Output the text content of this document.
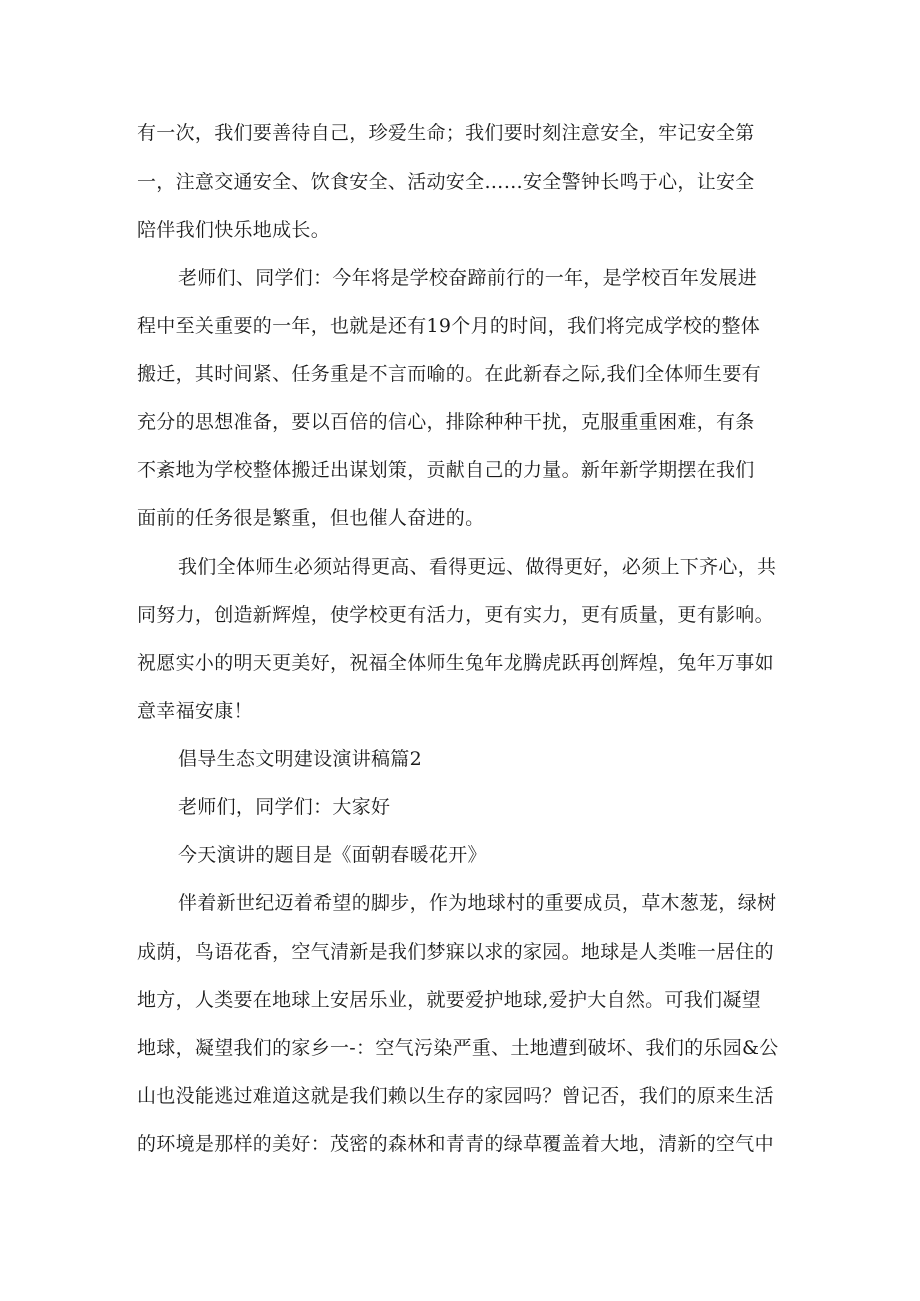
有一次，我们要善待自己，珍爱生命；我们要时刻注意安全，牢记安全第
一，注意交通安全、饮食安全、活动安全……安全警钟长鸣于心，让安全
陪伴我们快乐地成长。
老师们、同学们：今年将是学校奋蹄前行的一年，是学校百年发展进
程中至关重要的一年，也就是还有19个月的时间，我们将完成学校的整体
搬迁，其时间紧、任务重是不言而喻的。在此新春之际,我们全体师生要有
充分的思想准备，要以百倍的信心，排除种种干扰，克服重重困难，有条
不紊地为学校整体搬迁出谋划策，贡献自己的力量。新年新学期摆在我们
面前的任务很是繁重，但也催人奋进的。
我们全体师生必须站得更高、看得更远、做得更好，必须上下齐心，共
同努力，创造新辉煌，使学校更有活力，更有实力，更有质量，更有影响。
祝愿实小的明天更美好，祝福全体师生兔年龙腾虎跃再创辉煌，兔年万事如
意幸福安康！
倡导生态文明建设演讲稿篇2
老师们，同学们：大家好
今天演讲的题目是《面朝春暖花开》
伴着新世纪迈着希望的脚步，作为地球村的重要成员，草木葱茏，绿树
成荫，鸟语花香，空气清新是我们梦寐以求的家园。地球是人类唯一居住的
地方，人类要在地球上安居乐业，就要爱护地球,爱护大自然。可我们凝望
地球，凝望我们的家乡一-：空气污染严重、土地遭到破坏、我们的乐园&公
山也没能逃过难道这就是我们赖以生存的家园吗？曾记否，我们的原来生活
的环境是那样的美好：茂密的森林和青青的绿草覆盖着大地，清新的空气中
